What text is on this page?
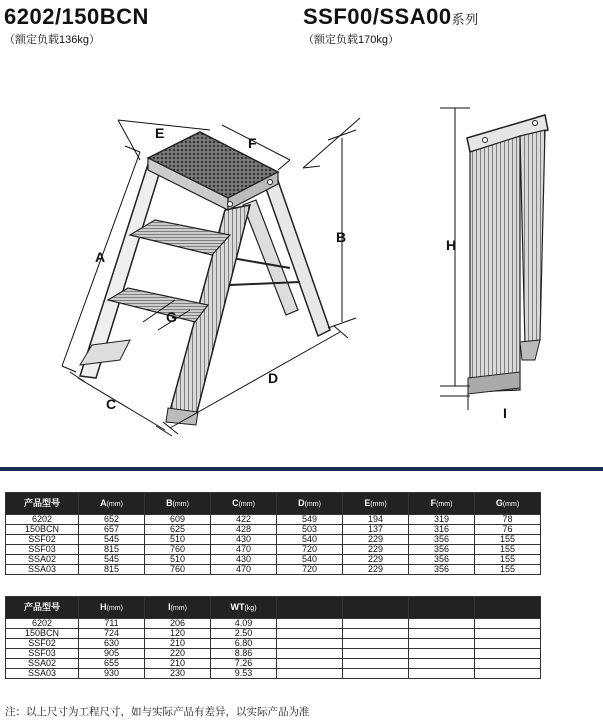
6202/150BCN
（额定负载136kg）
SSF00/SSA00系列
（额定负载170kg）
A
B
C
D
E
F
G
H
I
产品型号	A(mm)	B(mm)	C(mm)	D(mm)	E(mm)	F(mm)	G(mm)
6202	652	609	422	549	194	319	78
150BCN	657	625	428	503	137	316	76
SSF02	545	510	430	540	229	356	155
SSF03	815	760	470	720	229	356	155
SSA02	545	510	430	540	229	356	155
SSA03	815	760	470	720	229	356	155
产品型号	H(mm)	I(mm)	WT(kg)				
6202	711	206	4.09				
150BCN	724	120	2.50				
SSF02	630	210	6.80				
SSF03	905	220	8.86				
SSA02	655	210	7.26				
SSA03	930	230	9.53				
注：以上尺寸为工程尺寸，如与实际产品有差异，以实际产品为准
